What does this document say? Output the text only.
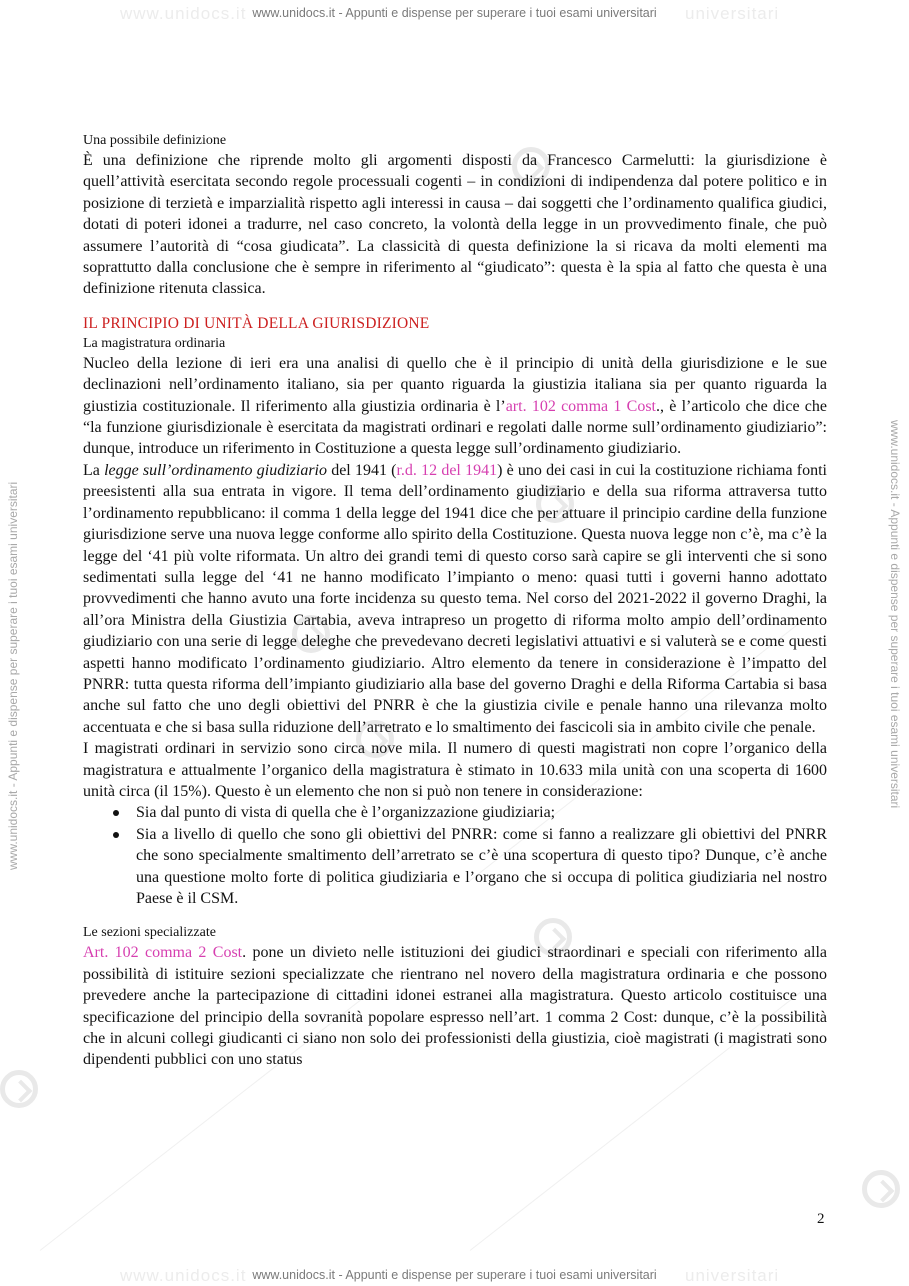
www.unidocs.it - Appunti e dispense per superare i tuoi esami universitari
www.unidocs.it - Appunti e dispense per superare i tuoi esami universitari
www.unidocs.it - Appunti e dispense per superare i tuoi esami universitari	www.unidocs.it - Appunti e dispense per superare i tuoi esami universitari
www.unidocs.it	universitari
www.unidocs.it	universitari

Una possibile definizione

È una definizione che riprende molto gli argomenti disposti da Francesco Carmelutti: la giurisdizione è quell’attività esercitata secondo regole processuali cogenti – in condizioni di indipendenza dal potere politico e in posizione di terzietà e imparzialità rispetto agli interessi in causa – dai soggetti che l’ordinamento qualifica giudici, dotati di poteri idonei a tradurre, nel caso concreto, la volontà della legge in un provvedimento finale, che può assumere l’autorità di “cosa giudicata”. La classicità di questa definizione la si ricava da molti elementi ma soprattutto dalla conclusione che è sempre in riferimento al “giudicato”: questa è la spia al fatto che questa è una definizione ritenuta classica.

IL PRINCIPIO DI UNITÀ DELLA GIURISDIZIONE

La magistratura ordinaria

Nucleo della lezione di ieri era una analisi di quello che è il principio di unità della giurisdizione e le sue declinazioni nell’ordinamento italiano, sia per quanto riguarda la giustizia italiana sia per quanto riguarda la giustizia costituzionale. Il riferimento alla giustizia ordinaria è l’art. 102 comma 1 Cost., è l’articolo che dice che “la funzione giurisdizionale è esercitata da magistrati ordinari e regolati dalle norme sull’ordinamento giudiziario”: dunque, introduce un riferimento in Costituzione a questa legge sull’ordinamento giudiziario.

La legge sull’ordinamento giudiziario del 1941 (r.d. 12 del 1941) è uno dei casi in cui la costituzione richiama fonti preesistenti alla sua entrata in vigore. Il tema dell’ordinamento giudiziario e della sua riforma attraversa tutto l’ordinamento repubblicano: il comma 1 della legge del 1941 dice che per attuare il principio cardine della funzione giurisdizione serve una nuova legge conforme allo spirito della Costituzione. Questa nuova legge non c’è, ma c’è la legge del ‘41 più volte riformata. Un altro dei grandi temi di questo corso sarà capire se gli interventi che si sono sedimentati sulla legge del ‘41 ne hanno modificato l’impianto o meno: quasi tutti i governi hanno adottato provvedimenti che hanno avuto una forte incidenza su questo tema. Nel corso del 2021-2022 il governo Draghi, la all’ora Ministra della Giustizia Cartabia, aveva intrapreso un progetto di riforma molto ampio dell’ordinamento giudiziario con una serie di legge deleghe che prevedevano decreti legislativi attuativi e si valuterà se e come questi aspetti hanno modificato l’ordinamento giudiziario. Altro elemento da tenere in considerazione è l’impatto del PNRR: tutta questa riforma dell’impianto giudiziario alla base del governo Draghi e della Riforma Cartabia si basa anche sul fatto che uno degli obiettivi del PNRR è che la giustizia civile e penale hanno una rilevanza molto accentuata e che si basa sulla riduzione dell’arretrato e lo smaltimento dei fascicoli sia in ambito civile che penale.

I magistrati ordinari in servizio sono circa nove mila. Il numero di questi magistrati non copre l’organico della magistratura e attualmente l’organico della magistratura è stimato in 10.633 mila unità con una scoperta di 1600 unità circa (il 15%). Questo è un elemento che non si può non tenere in considerazione:

Sia dal punto di vista di quella che è l’organizzazione giudiziaria;
Sia a livello di quello che sono gli obiettivi del PNRR: come si fanno a realizzare gli obiettivi del PNRR che sono specialmente smaltimento dell’arretrato se c’è una scopertura di questo tipo? Dunque, c’è anche una questione molto forte di politica giudiziaria e l’organo che si occupa di politica giudiziaria nel nostro Paese è il CSM.

Le sezioni specializzate

Art. 102 comma 2 Cost. pone un divieto nelle istituzioni dei giudici straordinari e speciali con riferimento alla possibilità di istituire sezioni specializzate che rientrano nel novero della magistratura ordinaria e che possono prevedere anche la partecipazione di cittadini idonei estranei alla magistratura. Questo articolo costituisce una specificazione del principio della sovranità popolare espresso nell’art. 1 comma 2 Cost: dunque, c’è la possibilità che in alcuni collegi giudicanti ci siano non solo dei professionisti della giustizia, cioè magistrati (i magistrati sono dipendenti pubblici con uno status

2
